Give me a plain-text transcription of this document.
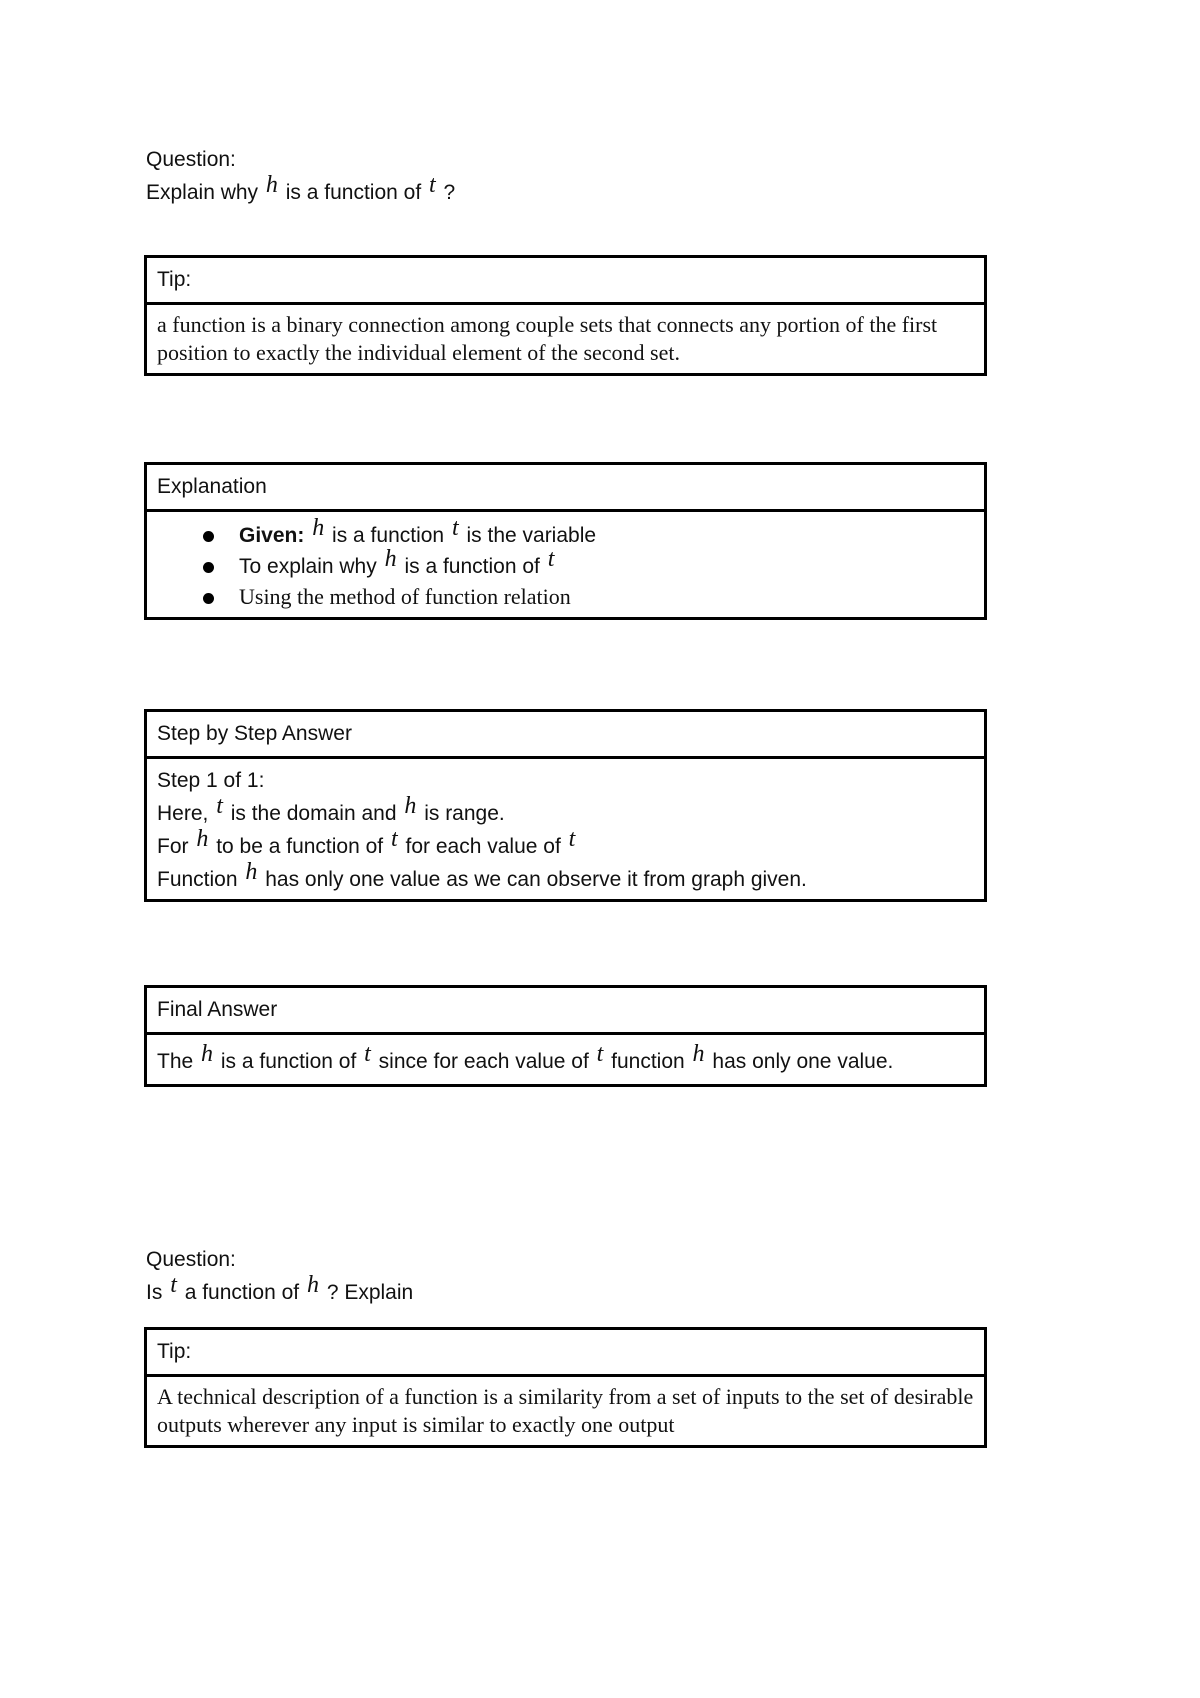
Question:
Explain why h is a function of t ?
Tip:
a function is a binary connection among couple sets that connects any portion of the first position to exactly the individual element of the second set.
Explanation
Given: h is a function t is the variable
To explain why h is a function of t
Using the method of function relation
Step by Step Answer
Step 1 of 1:
Here, t is the domain and h is range.
For h to be a function of t for each value of t
Function h has only one value as we can observe it from graph given.
Final Answer
The h is a function of t since for each value of t function h has only one value.
Question:
Is t a function of h ? Explain
Tip:
A technical description of a function is a similarity from a set of inputs to the set of desirable outputs wherever any input is similar to exactly one output
